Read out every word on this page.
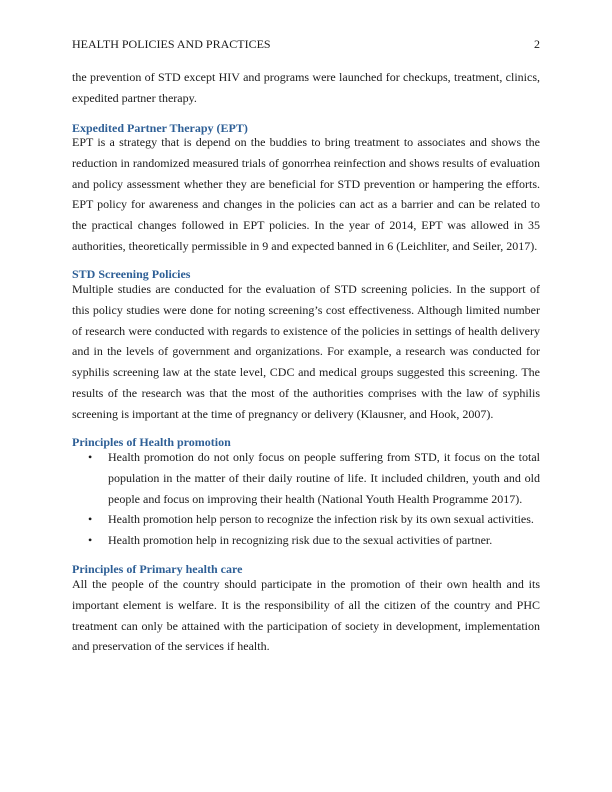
HEALTH POLICIES AND PRACTICES	2

the prevention of STD except HIV and programs were launched for checkups, treatment, clinics, expedited partner therapy.

Expedited Partner Therapy (EPT)

EPT is a strategy that is depend on the buddies to bring treatment to associates and shows the reduction in randomized measured trials of gonorrhea reinfection and shows results of evaluation and policy assessment whether they are beneficial for STD prevention or hampering the efforts. EPT policy for awareness and changes in the policies can act as a barrier and can be related to the practical changes followed in EPT policies. In the year of 2014, EPT was allowed in 35 authorities, theoretically permissible in 9 and expected banned in 6 (Leichliter, and Seiler, 2017).

STD Screening Policies

Multiple studies are conducted for the evaluation of STD screening policies. In the support of this policy studies were done for noting screening’s cost effectiveness. Although limited number of research were conducted with regards to existence of the policies in settings of health delivery and in the levels of government and organizations. For example, a research was conducted for syphilis screening law at the state level, CDC and medical groups suggested this screening. The results of the research was that the most of the authorities comprises with the law of syphilis screening is important at the time of pregnancy or delivery (Klausner, and Hook, 2007).

Principles of Health promotion
• Health promotion do not only focus on people suffering from STD, it focus on the total population in the matter of their daily routine of life. It included children, youth and old people and focus on improving their health (National Youth Health Programme 2017).
• Health promotion help person to recognize the infection risk by its own sexual activities.
• Health promotion help in recognizing risk due to the sexual activities of partner.
Principles of Primary health care

All the people of the country should participate in the promotion of their own health and its important element is welfare. It is the responsibility of all the citizen of the country and PHC treatment can only be attained with the participation of society in development, implementation and preservation of the services if health.
